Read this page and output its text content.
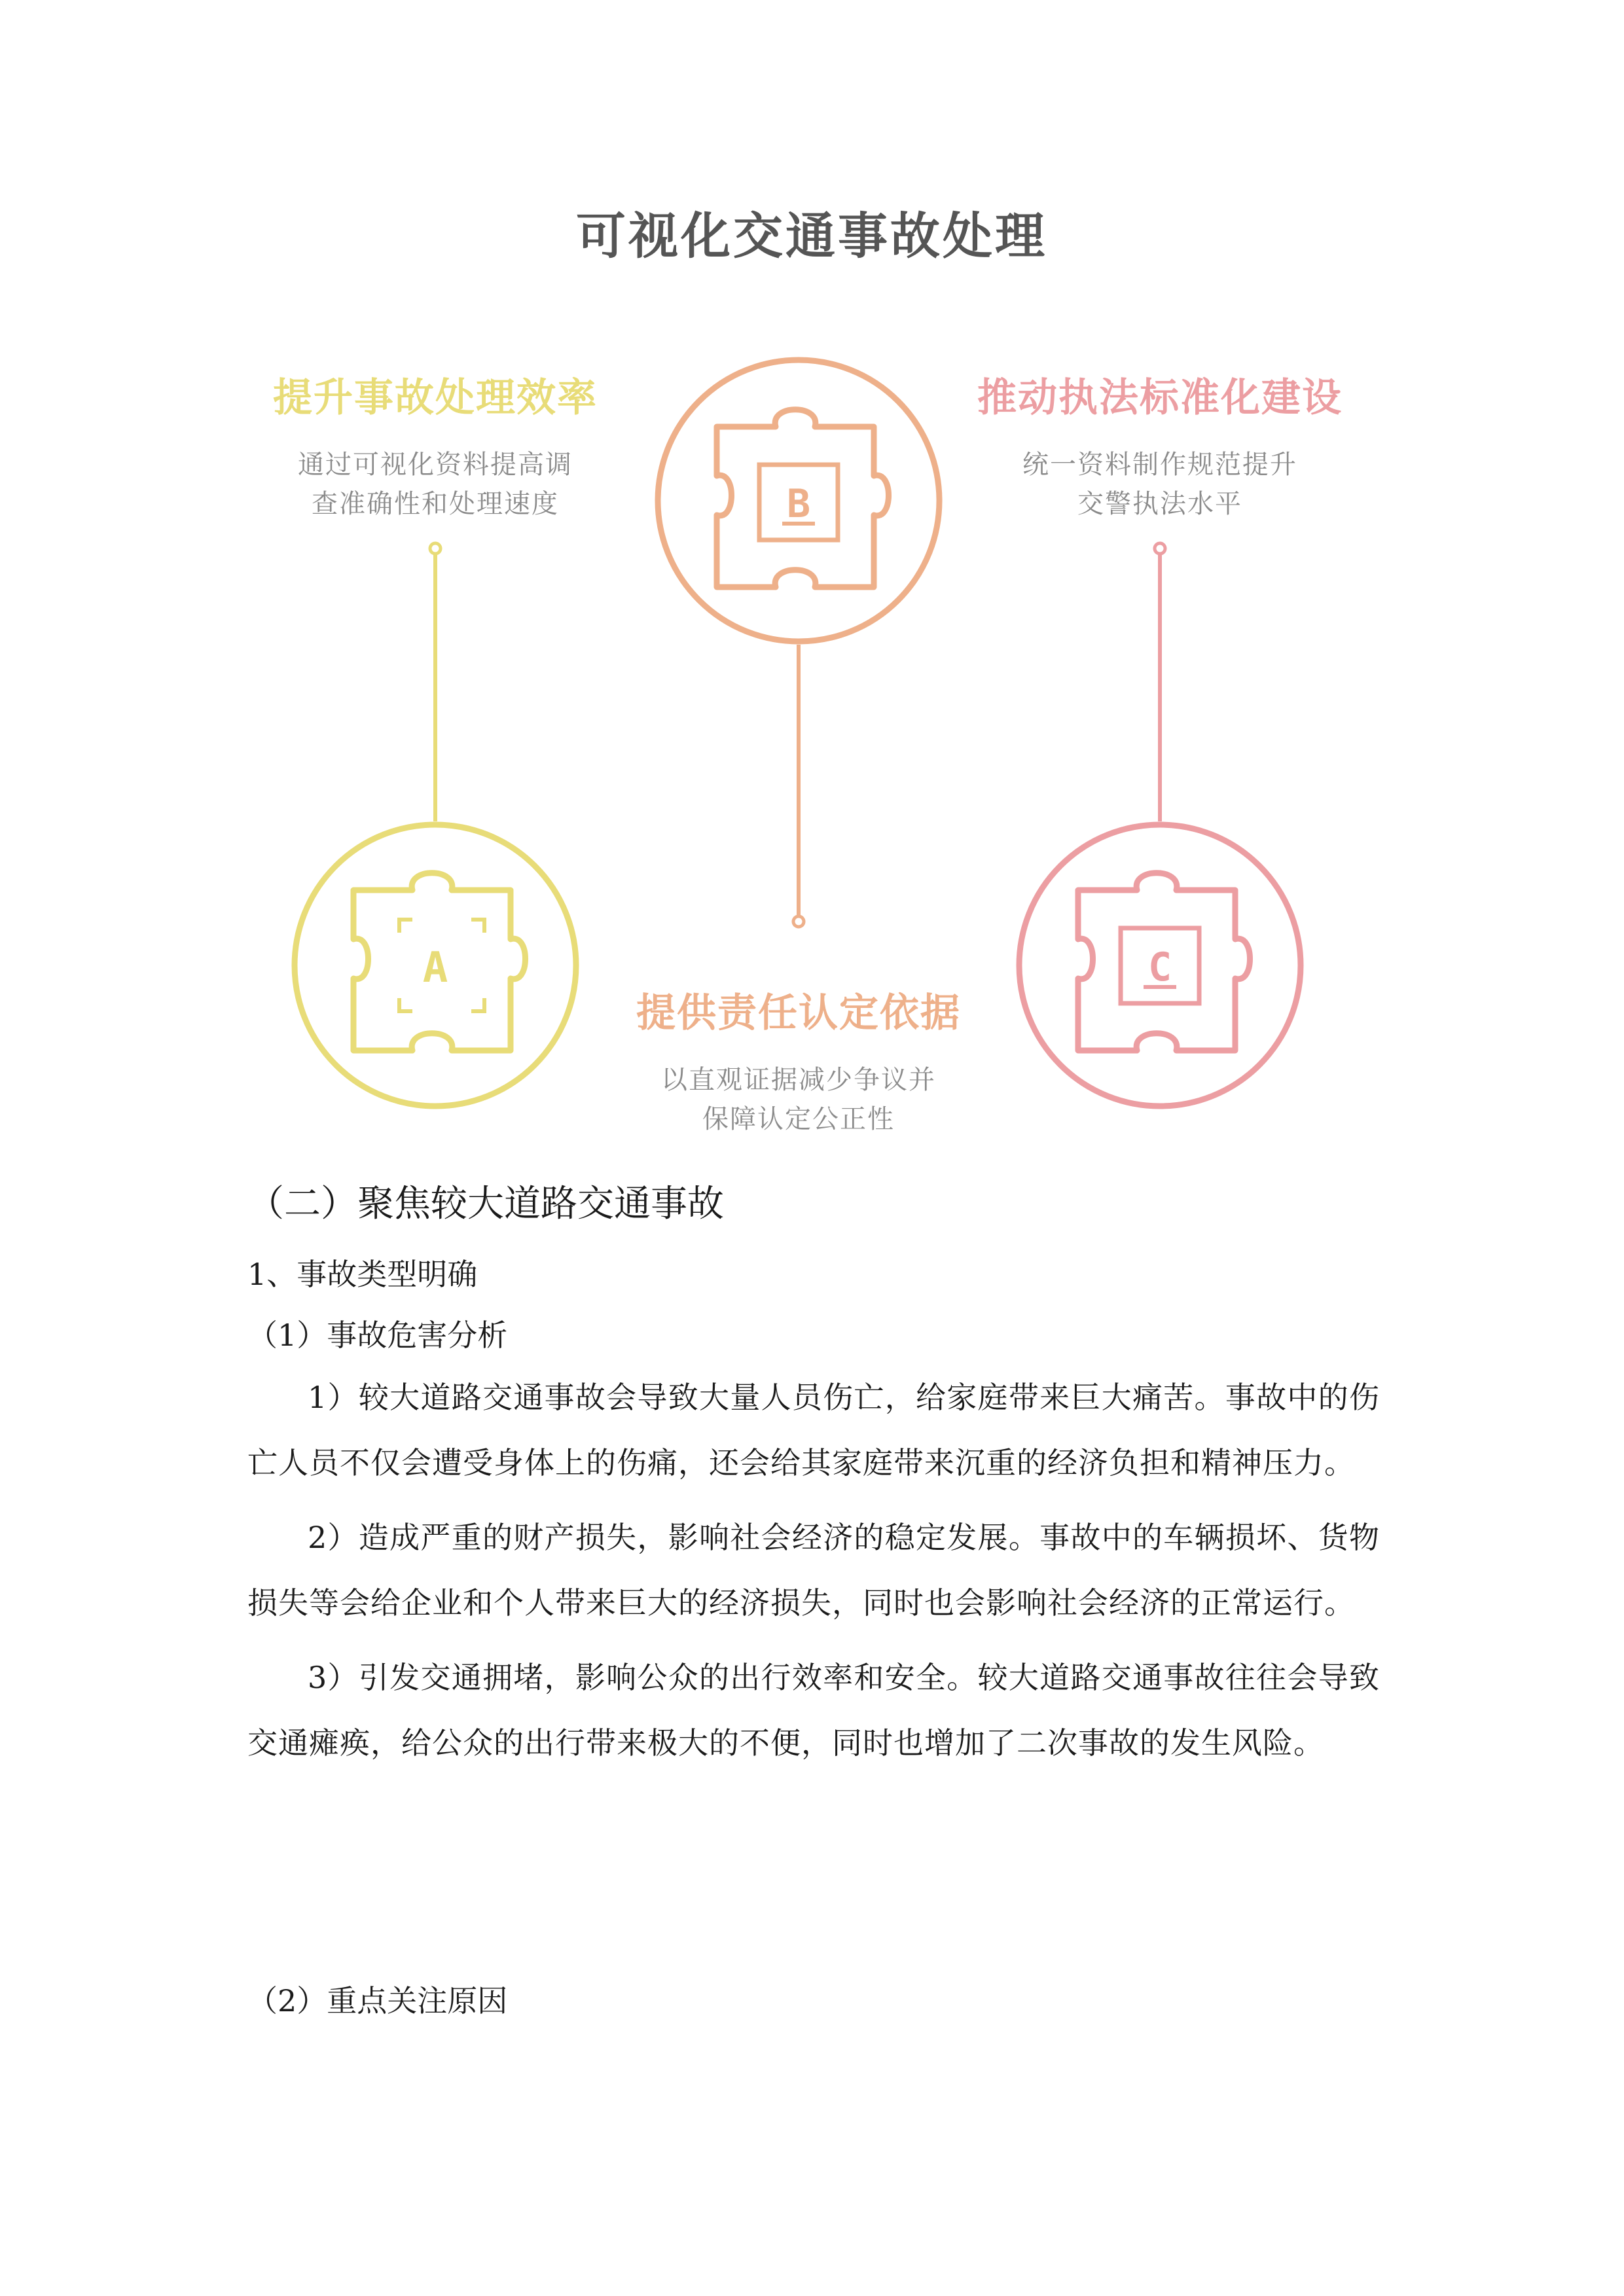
A
B
C
可视化交通事故处理
提升事故处理效率
通过可视化资料提高调
查准确性和处理速度
推动执法标准化建设
统一资料制作规范提升
交警执法水平
提供责任认定依据
以直观证据减少争议并
保障认定公正性
（二）聚焦较大道路交通事故
1、事故类型明确
（1）事故危害分析

1）较大道路交通事故会导致大量人员伤亡，给家庭带来巨大痛苦。事故中的伤亡人员不仅会遭受身体上的伤痛，还会给其家庭带来沉重的经济负担和精神压力。

2）造成严重的财产损失，影响社会经济的稳定发展。事故中的车辆损坏、货物损失等会给企业和个人带来巨大的经济损失，同时也会影响社会经济的正常运行。

3）引发交通拥堵，影响公众的出行效率和安全。较大道路交通事故往往会导致交通瘫痪，给公众的出行带来极大的不便，同时也增加了二次事故的发生风险。

（2）重点关注原因
